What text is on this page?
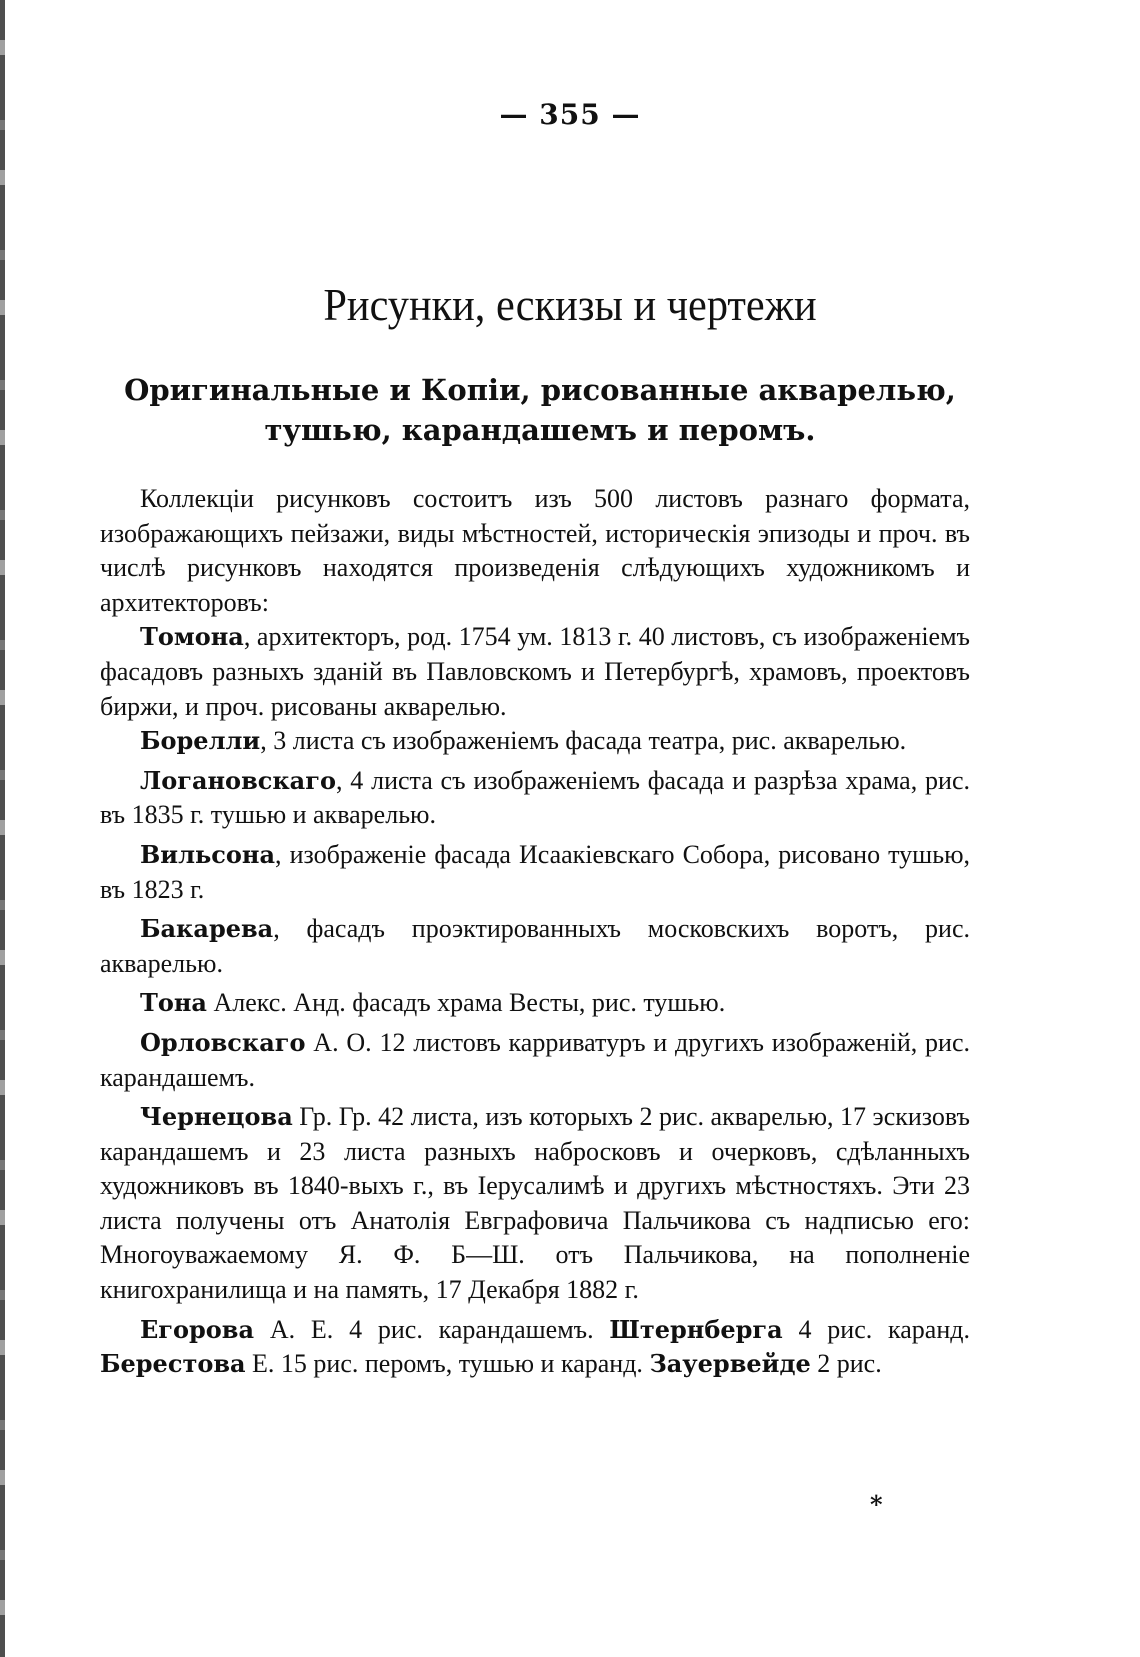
— 355 —
Рисунки, ескизы и чертежи
Оригинальные и Копіи, рисованные акварелью, тушью, карандашемъ и перомъ.

Коллекціи рисунковъ состоитъ изъ 500 листовъ разнаго формата, изображающихъ пейзажи, виды мѣстностей, историческія эпизоды и проч. въ числѣ рисунковъ находятся произведенія слѣдующихъ художникомъ и архитекторовъ:

Томона, архитекторъ, род. 1754 ум. 1813 г. 40 листовъ, съ изображеніемъ фасадовъ разныхъ зданій въ Павловскомъ и Петербургѣ, храмовъ, проектовъ биржи, и проч. рисованы акварелью.

Борелли, 3 листа съ изображеніемъ фасада театра, рис. акварелью.

Логановскаго, 4 листа съ изображеніемъ фасада и разрѣза храма, рис. въ 1835 г. тушью и акварелью.

Вильсона, изображеніе фасада Исаакіевскаго Собора, рисовано тушью, въ 1823 г.

Бакарева, фасадъ проэктированныхъ московскихъ воротъ, рис. акварелью.

Тона Алекс. Анд. фасадъ храма Весты, рис. тушью.

Орловскаго А. О. 12 листовъ карриватуръ и другихъ изображеній, рис. карандашемъ.

Чернецова Гр. Гр. 42 листа, изъ которыхъ 2 рис. акварелью, 17 эскизовъ карандашемъ и 23 листа разныхъ набросковъ и очерковъ, сдѣланныхъ художниковъ въ 1840-выхъ г., въ Іерусалимѣ и другихъ мѣстностяхъ. Эти 23 листа получены отъ Анатолія Евграфовича Пальчикова съ надписью его: Многоуважаемому Я. Ф. Б—Ш. отъ Пальчикова, на пополненіе книгохранилища и на память, 17 Декабря 1882 г.

Егорова А. Е. 4 рис. карандашемъ. Штернберга 4 рис. каранд. Берестова Е. 15 рис. перомъ, тушью и каранд. Зауервейде 2 рис.

*
